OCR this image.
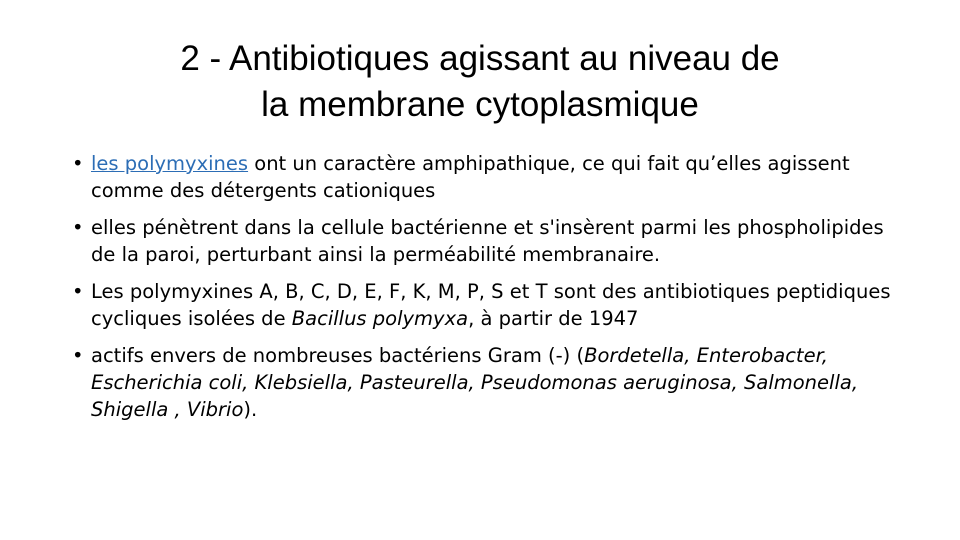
2 - Antibiotiques agissant au niveau de
la membrane cytoplasmique
• les polymyxines ont un caractère amphipathique, ce qui fait qu’elles agissent comme des détergents cationiques
• elles pénètrent dans la cellule bactérienne et s'insèrent parmi les phospholipides de la paroi, perturbant ainsi la perméabilité membranaire.
• Les polymyxines A, B, C, D, E, F, K, M, P, S et T sont des antibiotiques peptidiques cycliques isolées de Bacillus polymyxa, à partir de 1947
• actifs envers de nombreuses bactériens Gram (-) (Bordetella, Enterobacter, Escherichia coli, Klebsiella, Pasteurella, Pseudomonas aeruginosa, Salmonella, Shigella , Vibrio).
